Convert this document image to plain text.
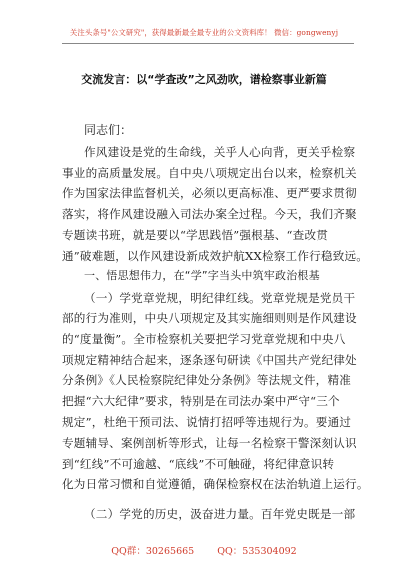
关注头条号"公文研究"，获得最新最全最专业的公文资料库！ 微信：gongwenyj
交流发言：以“学查改”之风劲吹，谱检察事业新篇
同志们：
作风建设是党的生命线，关乎人心向背，更关乎检察
事业的高质量发展。自中央八项规定出台以来，检察机关
作为国家法律监督机关，必须以更高标准、更严要求贯彻
落实，将作风建设融入司法办案全过程。今天，我们齐聚
专题读书班，就是要以“学思践悟”强根基、“查改贯
通”破难题，以作风建设新成效护航XX检察工作行稳致远。
一、悟思想伟力，在“学”字当头中筑牢政治根基
（一）学党章党规，明纪律红线。党章党规是党员干
部的行为准则，中央八项规定及其实施细则则是作风建设
的“度量衡”。全市检察机关要把学习党章党规和中央八
项规定精神结合起来，逐条逐句研读《中国共产党纪律处
分条例》《人民检察院纪律处分条例》等法规文件，精准
把握“六大纪律”要求，特别是在司法办案中严守“三个
规定”，杜绝干预司法、说情打招呼等违规行为。要通过
专题辅导、案例剖析等形式，让每一名检察干警深刻认识
到“红线”不可逾越、“底线”不可触碰，将纪律意识转
化为日常习惯和自觉遵循，确保检察权在法治轨道上运行。
（二）学党的历史，汲奋进力量。百年党史既是一部
QQ群：30265665 QQ：535304092
